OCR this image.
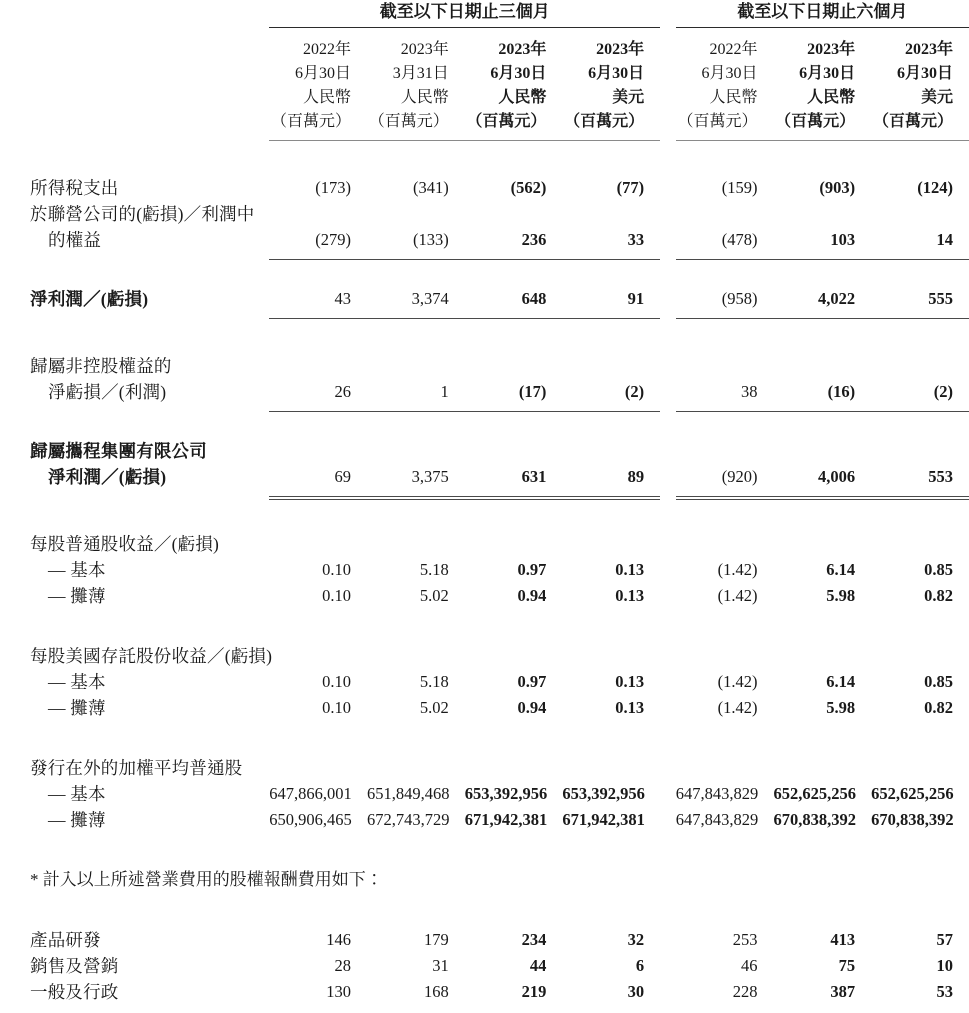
	截至以下日期止三個月					截至以下日期止六個月		

	2022年	2023年	2023年	2023年		2022年	2023年	2023年
	6月30日	3月31日	6月30日	6月30日		6月30日	6月30日	6月30日
	人民幣	人民幣	人民幣	美元		人民幣	人民幣	美元
	（百萬元）	（百萬元）	（百萬元）	（百萬元）		（百萬元）	（百萬元）	（百萬元）

所得稅支出	(173)	(341)	(562)	(77)		(159)	(903)	(124)
於聯營公司的(虧損)／利潤中								
的權益	(279)	(133)	236	33		(478)	103	14

淨利潤／(虧損)	43	3,374	648	91		(958)	4,022	555

歸屬非控股權益的								
淨虧損／(利潤)	26	1	(17)	(2)		38	(16)	(2)

歸屬攜程集團有限公司								
淨利潤／(虧損)	69	3,375	631	89		(920)	4,006	553

每股普通股收益／(虧損)								
— 基本	0.10	5.18	0.97	0.13		(1.42)	6.14	0.85
— 攤薄	0.10	5.02	0.94	0.13		(1.42)	5.98	0.82

每股美國存託股份收益／(虧損)								
— 基本	0.10	5.18	0.97	0.13		(1.42)	6.14	0.85
— 攤薄	0.10	5.02	0.94	0.13		(1.42)	5.98	0.82

發行在外的加權平均普通股								
— 基本	647,866,001	651,849,468	653,392,956	653,392,956		647,843,829	652,625,256	652,625,256
— 攤薄	650,906,465	672,743,729	671,942,381	671,942,381		647,843,829	670,838,392	670,838,392

* 計入以上所述營業費用的股權報酬費用如下：								

產品研發	146	179	234	32		253	413	57
銷售及營銷	28	31	44	6		46	75	10
一般及行政	130	168	219	30		228	387	53
